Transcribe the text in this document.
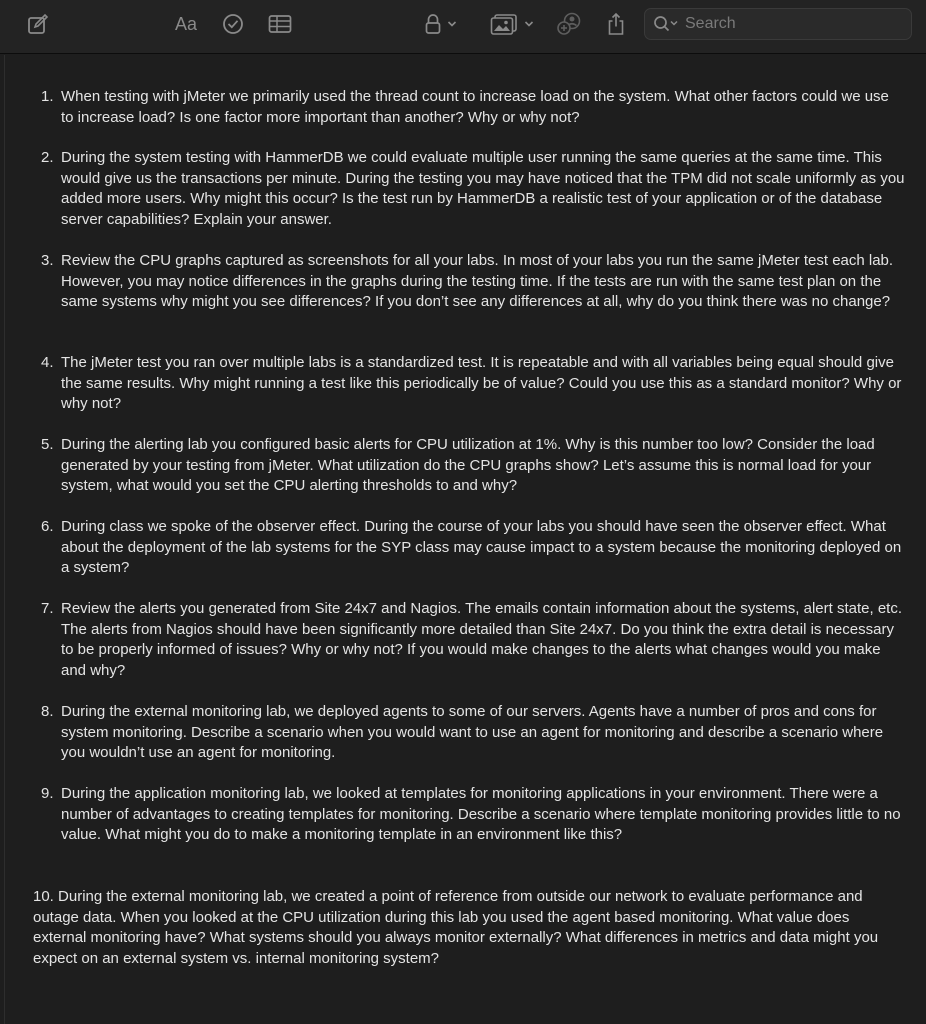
Aa	Search
1. When testing with jMeter we primarily used the thread count to increase load on the system. What other factors could we use to increase load? Is one factor more important than another? Why or why not?
2. During the system testing with HammerDB we could evaluate multiple user running the same queries at the same time. This would give us the transactions per minute. During the testing you may have noticed that the TPM did not scale uniformly as you added more users. Why might this occur? Is the test run by HammerDB a realistic test of your application or of the database server capabilities? Explain your answer.
3. Review the CPU graphs captured as screenshots for all your labs. In most of your labs you run the same jMeter test each lab. However, you may notice differences in the graphs during the testing time. If the tests are run with the same test plan on the same systems why might you see differences? If you don’t see any differences at all, why do you think there was no change?
4. The jMeter test you ran over multiple labs is a standardized test. It is repeatable and with all variables being equal should give the same results. Why might running a test like this periodically be of value? Could you use this as a standard monitor? Why or why not?
5. During the alerting lab you configured basic alerts for CPU utilization at 1%. Why is this number too low? Consider the load generated by your testing from jMeter. What utilization do the CPU graphs show? Let’s assume this is normal load for your system, what would you set the CPU alerting thresholds to and why?
6. During class we spoke of the observer effect. During the course of your labs you should have seen the observer effect. What about the deployment of the lab systems for the SYP class may cause impact to a system because the monitoring deployed on a system?
7. Review the alerts you generated from Site 24x7 and Nagios. The emails contain information about the systems, alert state, etc. The alerts from Nagios should have been significantly more detailed than Site 24x7. Do you think the extra detail is necessary to be properly informed of issues? Why or why not? If you would make changes to the alerts what changes would you make and why?
8. During the external monitoring lab, we deployed agents to some of our servers. Agents have a number of pros and cons for system monitoring. Describe a scenario when you would want to use an agent for monitoring and describe a scenario where you wouldn’t use an agent for monitoring.
9. During the application monitoring lab, we looked at templates for monitoring applications in your environment. There were a number of advantages to creating templates for monitoring. Describe a scenario where template monitoring provides little to no value. What might you do to make a monitoring template in an environment like this?
10. During the external monitoring lab, we created a point of reference from outside our network to evaluate performance and outage data. When you looked at the CPU utilization during this lab you used the agent based monitoring. What value does external monitoring have? What systems should you always monitor externally? What differences in metrics and data might you expect on an external system vs. internal monitoring system?
